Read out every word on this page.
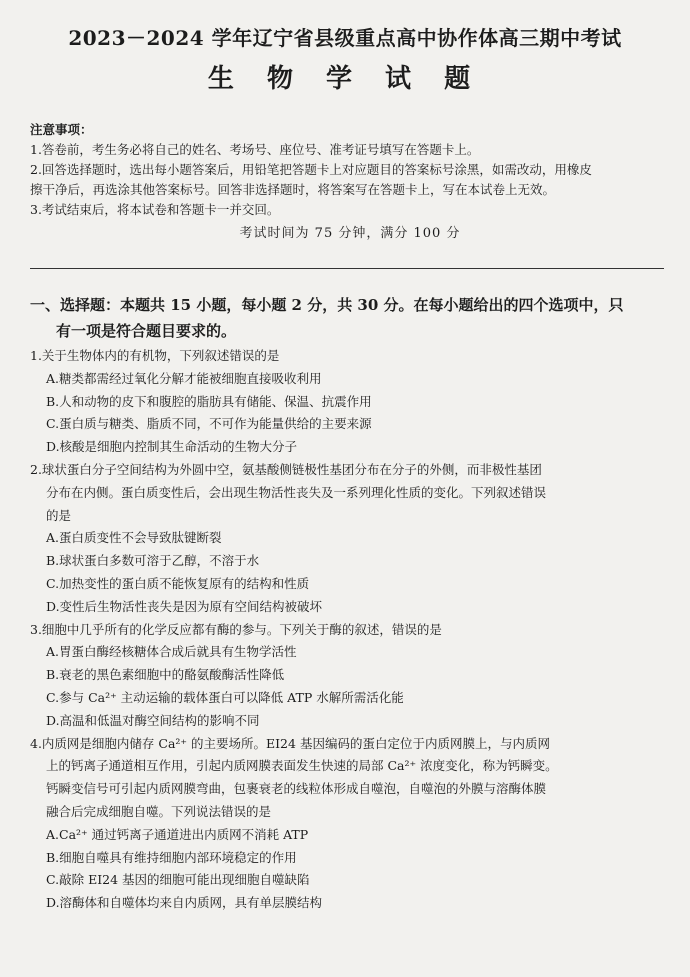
2023－2024 学年辽宁省县级重点高中协作体高三期中考试
生 物 学 试 题
注意事项：
1.答卷前，考生务必将自己的姓名、考场号、座位号、准考证号填写在答题卡上。
2.回答选择题时，选出每小题答案后，用铅笔把答题卡上对应题目的答案标号涂黑，如需改动，用橡皮
擦干净后，再选涂其他答案标号。回答非选择题时，将答案写在答题卡上，写在本试卷上无效。
3.考试结束后，将本试卷和答题卡一并交回。
考试时间为 75 分钟，满分 100 分
一、选择题：本题共 15 小题，每小题 2 分，共 30 分。在每小题给出的四个选项中，只
有一项是符合题目要求的。
1.关于生物体内的有机物，下列叙述错误的是
A.糖类都需经过氧化分解才能被细胞直接吸收利用
B.人和动物的皮下和腹腔的脂肪具有储能、保温、抗震作用
C.蛋白质与糖类、脂质不同，不可作为能量供给的主要来源
D.核酸是细胞内控制其生命活动的生物大分子
2.球状蛋白分子空间结构为外圆中空，氨基酸侧链极性基团分布在分子的外侧，而非极性基团
分布在内侧。蛋白质变性后，会出现生物活性丧失及一系列理化性质的变化。下列叙述错误
的是
A.蛋白质变性不会导致肽键断裂
B.球状蛋白多数可溶于乙醇，不溶于水
C.加热变性的蛋白质不能恢复原有的结构和性质
D.变性后生物活性丧失是因为原有空间结构被破坏
3.细胞中几乎所有的化学反应都有酶的参与。下列关于酶的叙述，错误的是
A.胃蛋白酶经核糖体合成后就具有生物学活性
B.衰老的黑色素细胞中的酪氨酸酶活性降低
C.参与 Ca²⁺ 主动运输的载体蛋白可以降低 ATP 水解所需活化能
D.高温和低温对酶空间结构的影响不同
4.内质网是细胞内储存 Ca²⁺ 的主要场所。EI24 基因编码的蛋白定位于内质网膜上，与内质网
上的钙离子通道相互作用，引起内质网膜表面发生快速的局部 Ca²⁺ 浓度变化，称为钙瞬变。
钙瞬变信号可引起内质网膜弯曲，包裹衰老的线粒体形成自噬泡，自噬泡的外膜与溶酶体膜
融合后完成细胞自噬。下列说法错误的是
A.Ca²⁺ 通过钙离子通道进出内质网不消耗 ATP
B.细胞自噬具有维持细胞内部环境稳定的作用
C.敲除 EI24 基因的细胞可能出现细胞自噬缺陷
D.溶酶体和自噬体均来自内质网，具有单层膜结构
